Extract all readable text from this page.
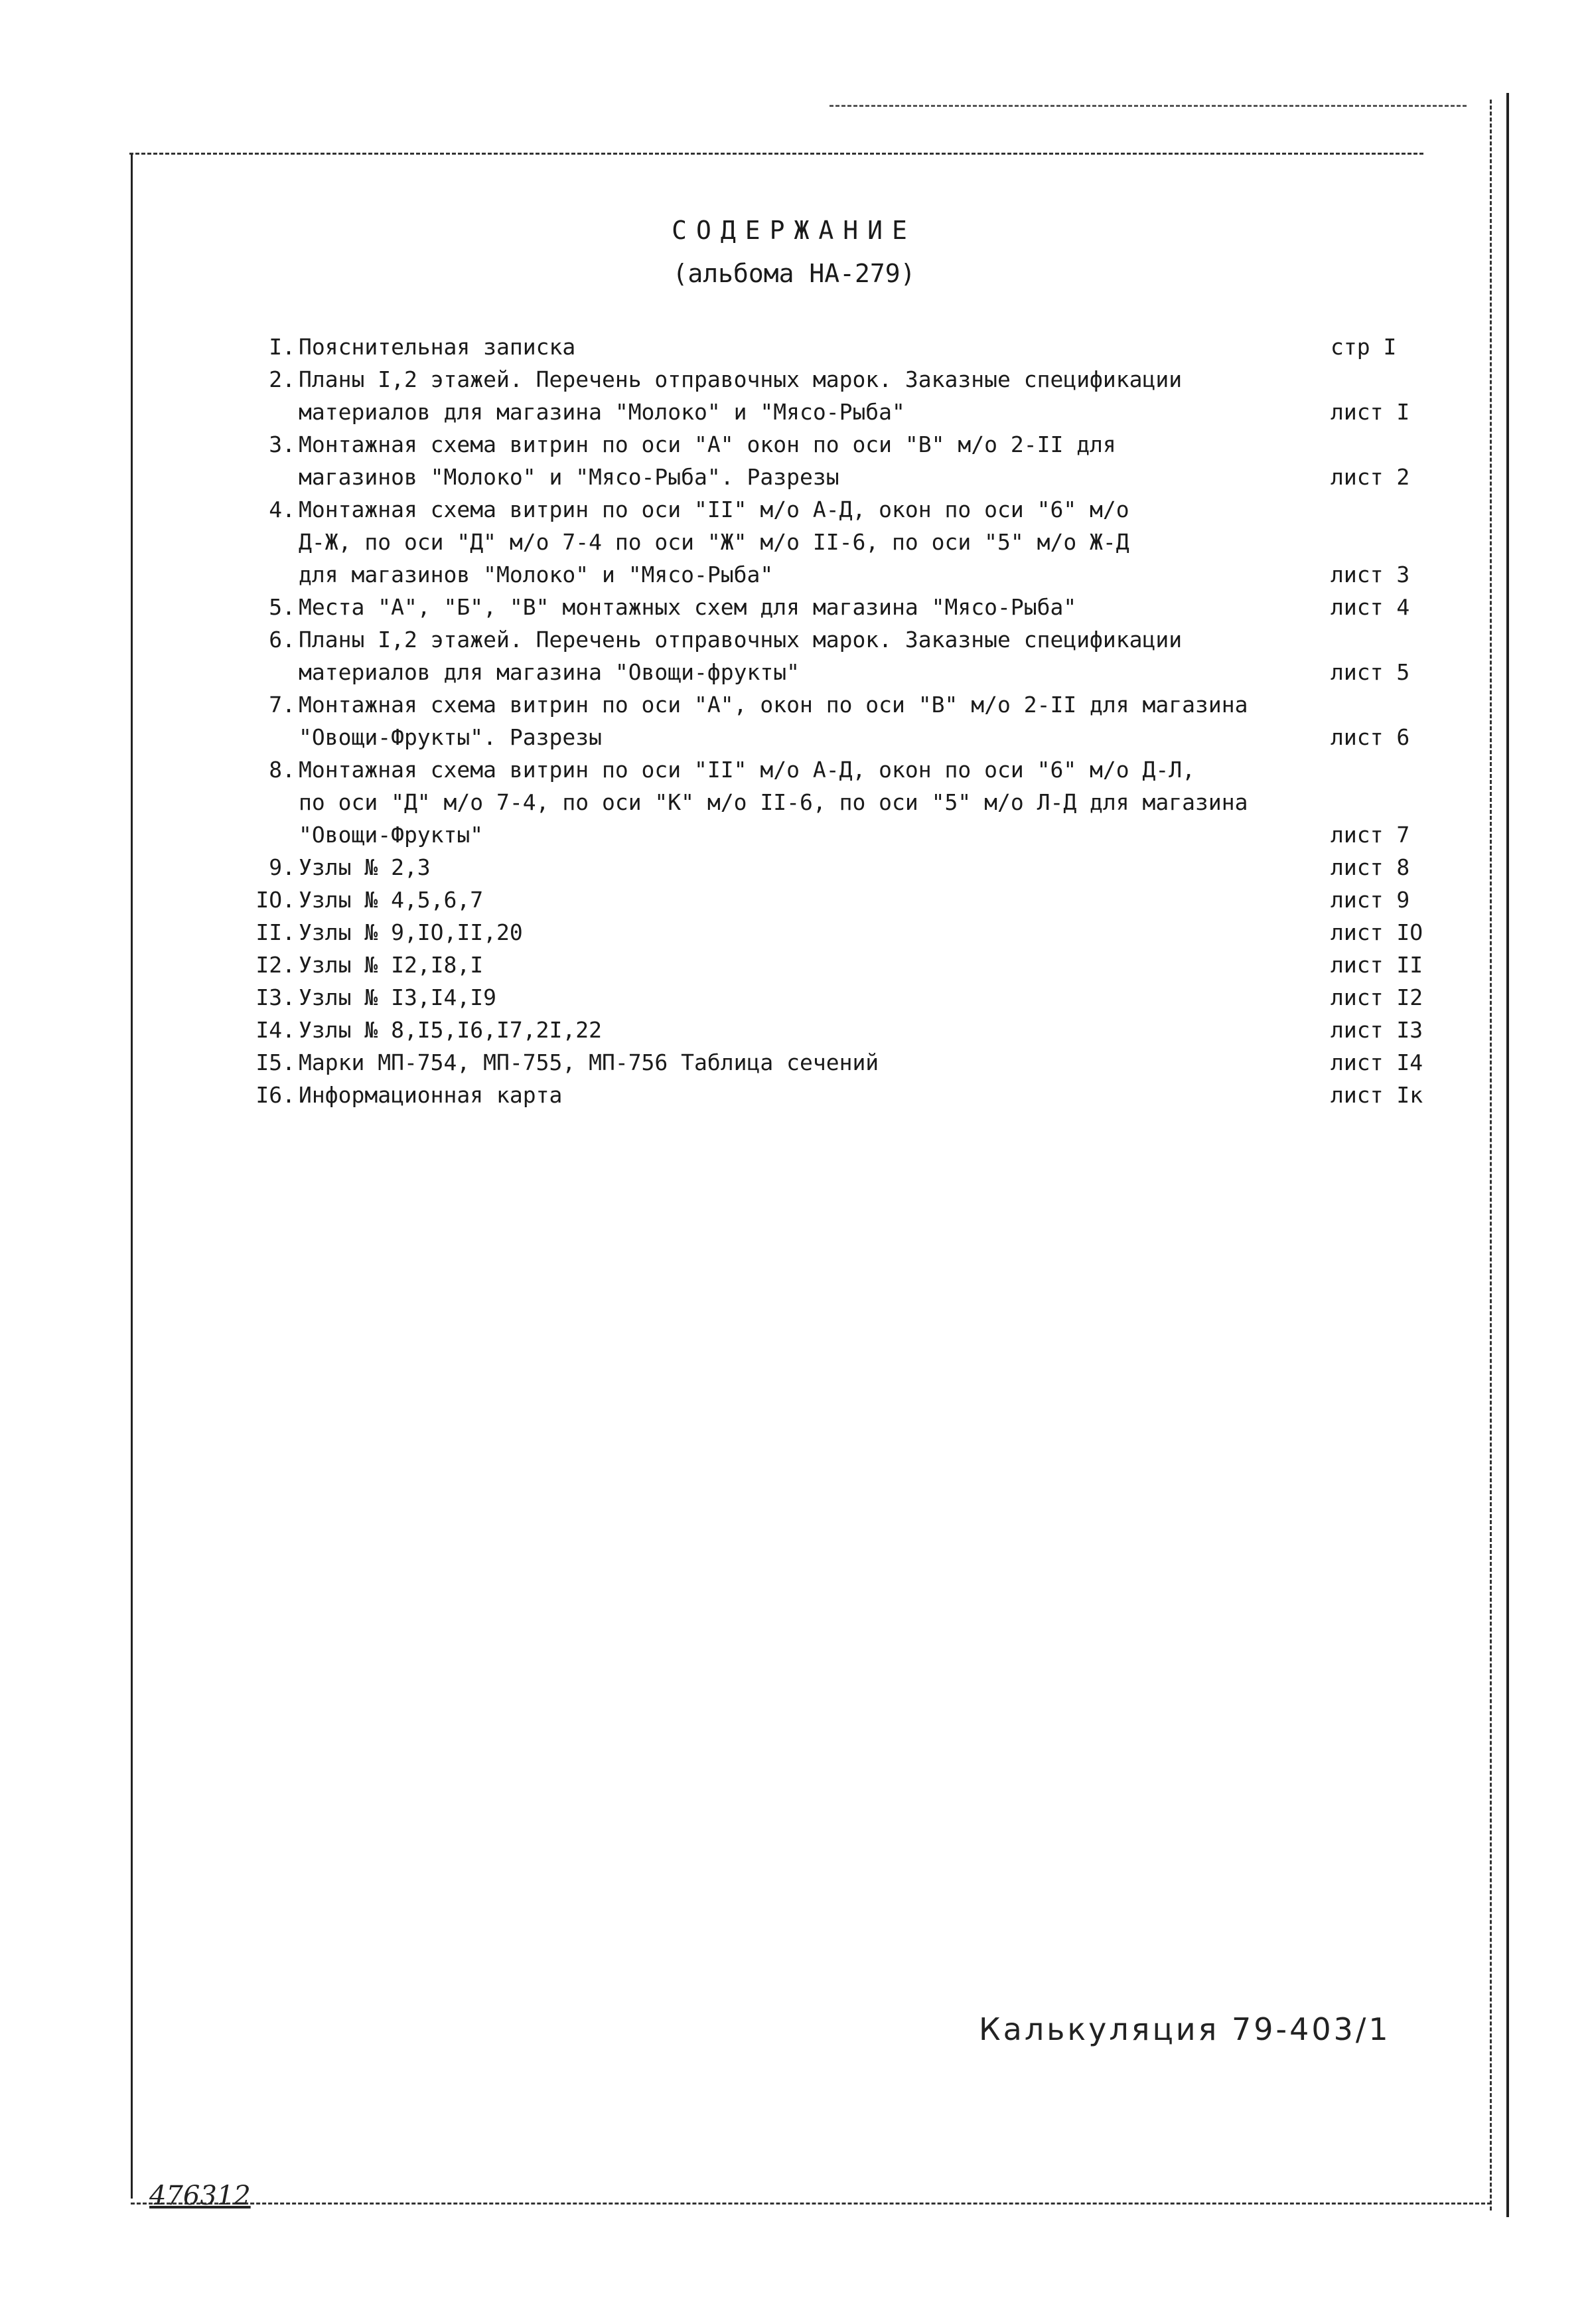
СОДЕРЖАНИЕ
(альбома НА-279)
I. Пояснительная записка	стр I
2. Планы I,2 этажей. Перечень отправочных марок. Заказные спецификации
материалов для магазина "Молоко" и "Мясо-Рыба"	лист I
3. Монтажная схема витрин по оси "А" окон по оси "В" м/о 2-II для
магазинов "Молоко" и "Мясо-Рыба". Разрезы	лист 2
4. Монтажная схема витрин по оси "II" м/о А-Д, окон по оси "6" м/о
Д-Ж, по оси "Д" м/о 7-4 по оси "Ж" м/о II-6, по оси "5" м/о Ж-Д
для магазинов "Молоко" и "Мясо-Рыба"	лист 3
5. Места "А", "Б", "В" монтажных схем для магазина "Мясо-Рыба"	лист 4
6. Планы I,2 этажей. Перечень отправочных марок. Заказные спецификации
материалов для магазина "Овощи-фрукты"	лист 5
7. Монтажная схема витрин по оси "А", окон по оси "В" м/о 2-II для магазина
"Овощи-Фрукты". Разрезы	лист 6
8. Монтажная схема витрин по оси "II" м/о А-Д, окон по оси "6" м/о Д-Л,
по оси "Д" м/о 7-4, по оси "К" м/о II-6, по оси "5" м/о Л-Д для магазина
"Овощи-Фрукты"	лист 7
9. Узлы № 2,3	лист 8
IO. Узлы № 4,5,6,7	лист 9
II. Узлы № 9,IO,II,20	лист IO
I2. Узлы № I2,I8,I	лист II
I3. Узлы № I3,I4,I9	лист I2
I4. Узлы № 8,I5,I6,I7,2I,22	лист I3
I5. Марки МП-754, МП-755, МП-756 Таблица сечений	лист I4
I6. Информационная карта	лист Iк
Калькуляция 79-403/1
476312
